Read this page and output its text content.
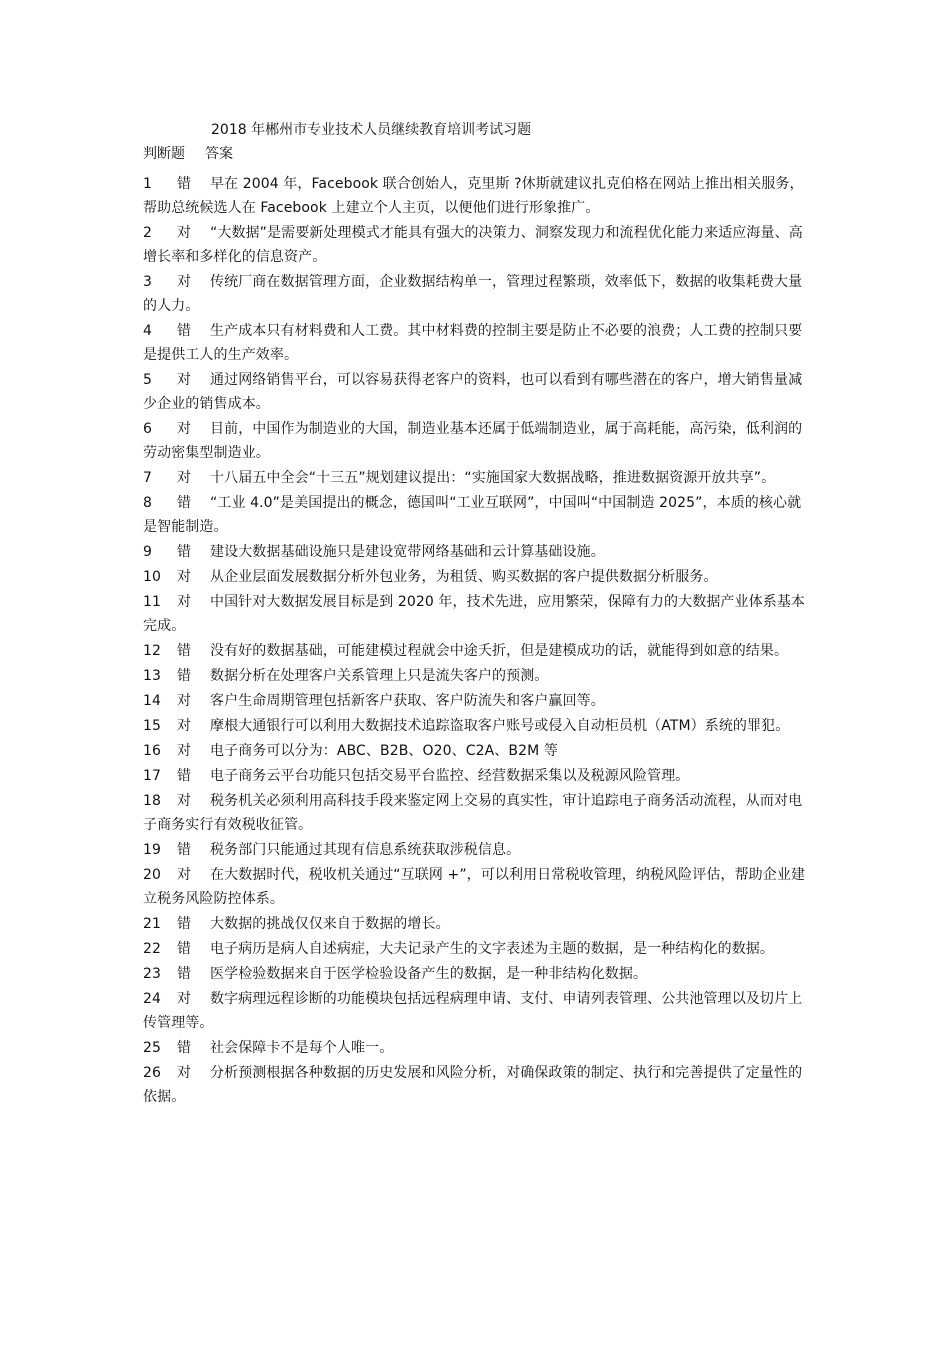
2018 年郴州市专业技术人员继续教育培训考试习题
判断题 答案
1 错 早在 2004 年，Facebook 联合创始人，克里斯 ?休斯就建议扎克伯格在网站上推出相关服务，帮助总统候选人在 Facebook 上建立个人主页，以便他们进行形象推广。
2 对 “大数据”是需要新处理模式才能具有强大的决策力、洞察发现力和流程优化能力来适应海量、高增长率和多样化的信息资产。
3 对 传统厂商在数据管理方面，企业数据结构单一，管理过程繁琐，效率低下，数据的收集耗费大量的人力。
4 错 生产成本只有材料费和人工费。其中材料费的控制主要是防止不必要的浪费；人工费的控制只要是提供工人的生产效率。
5 对 通过网络销售平台，可以容易获得老客户的资料，也可以看到有哪些潜在的客户，增大销售量减少企业的销售成本。
6 对 目前，中国作为制造业的大国，制造业基本还属于低端制造业，属于高耗能，高污染，低利润的劳动密集型制造业。
7 对 十八届五中全会“十三五”规划建议提出：“实施国家大数据战略，推进数据资源开放共享”。
8 错 “工业 4.0”是美国提出的概念，德国叫“工业互联网”，中国叫“中国制造 2025”，本质的核心就是智能制造。
9 错 建设大数据基础设施只是建设宽带网络基础和云计算基础设施。
10 对 从企业层面发展数据分析外包业务，为租赁、购买数据的客户提供数据分析服务。
11 对 中国针对大数据发展目标是到 2020 年，技术先进，应用繁荣，保障有力的大数据产业体系基本完成。
12 错 没有好的数据基础，可能建模过程就会中途夭折，但是建模成功的话，就能得到如意的结果。
13 错 数据分析在处理客户关系管理上只是流失客户的预测。
14 对 客户生命周期管理包括新客户获取、客户防流失和客户赢回等。
15 对 摩根大通银行可以利用大数据技术追踪盗取客户账号或侵入自动柜员机（ATM）系统的罪犯。
16 对 电子商务可以分为：ABC、B2B、O20、C2A、B2M 等
17 错 电子商务云平台功能只包括交易平台监控、经营数据采集以及税源风险管理。
18 对 税务机关必须利用高科技手段来鉴定网上交易的真实性，审计追踪电子商务活动流程，从而对电子商务实行有效税收征管。
19 错 税务部门只能通过其现有信息系统获取涉税信息。
20 对 在大数据时代，税收机关通过“互联网 +”，可以利用日常税收管理，纳税风险评估，帮助企业建立税务风险防控体系。
21 错 大数据的挑战仅仅来自于数据的增长。
22 错 电子病历是病人自述病症，大夫记录产生的文字表述为主题的数据，是一种结构化的数据。
23 错 医学检验数据来自于医学检验设备产生的数据，是一种非结构化数据。
24 对 数字病理远程诊断的功能模块包括远程病理申请、支付、申请列表管理、公共池管理以及切片上传管理等。
25 错 社会保障卡不是每个人唯一。
26 对 分析预测根据各种数据的历史发展和风险分析，对确保政策的制定、执行和完善提供了定量性的依据。
